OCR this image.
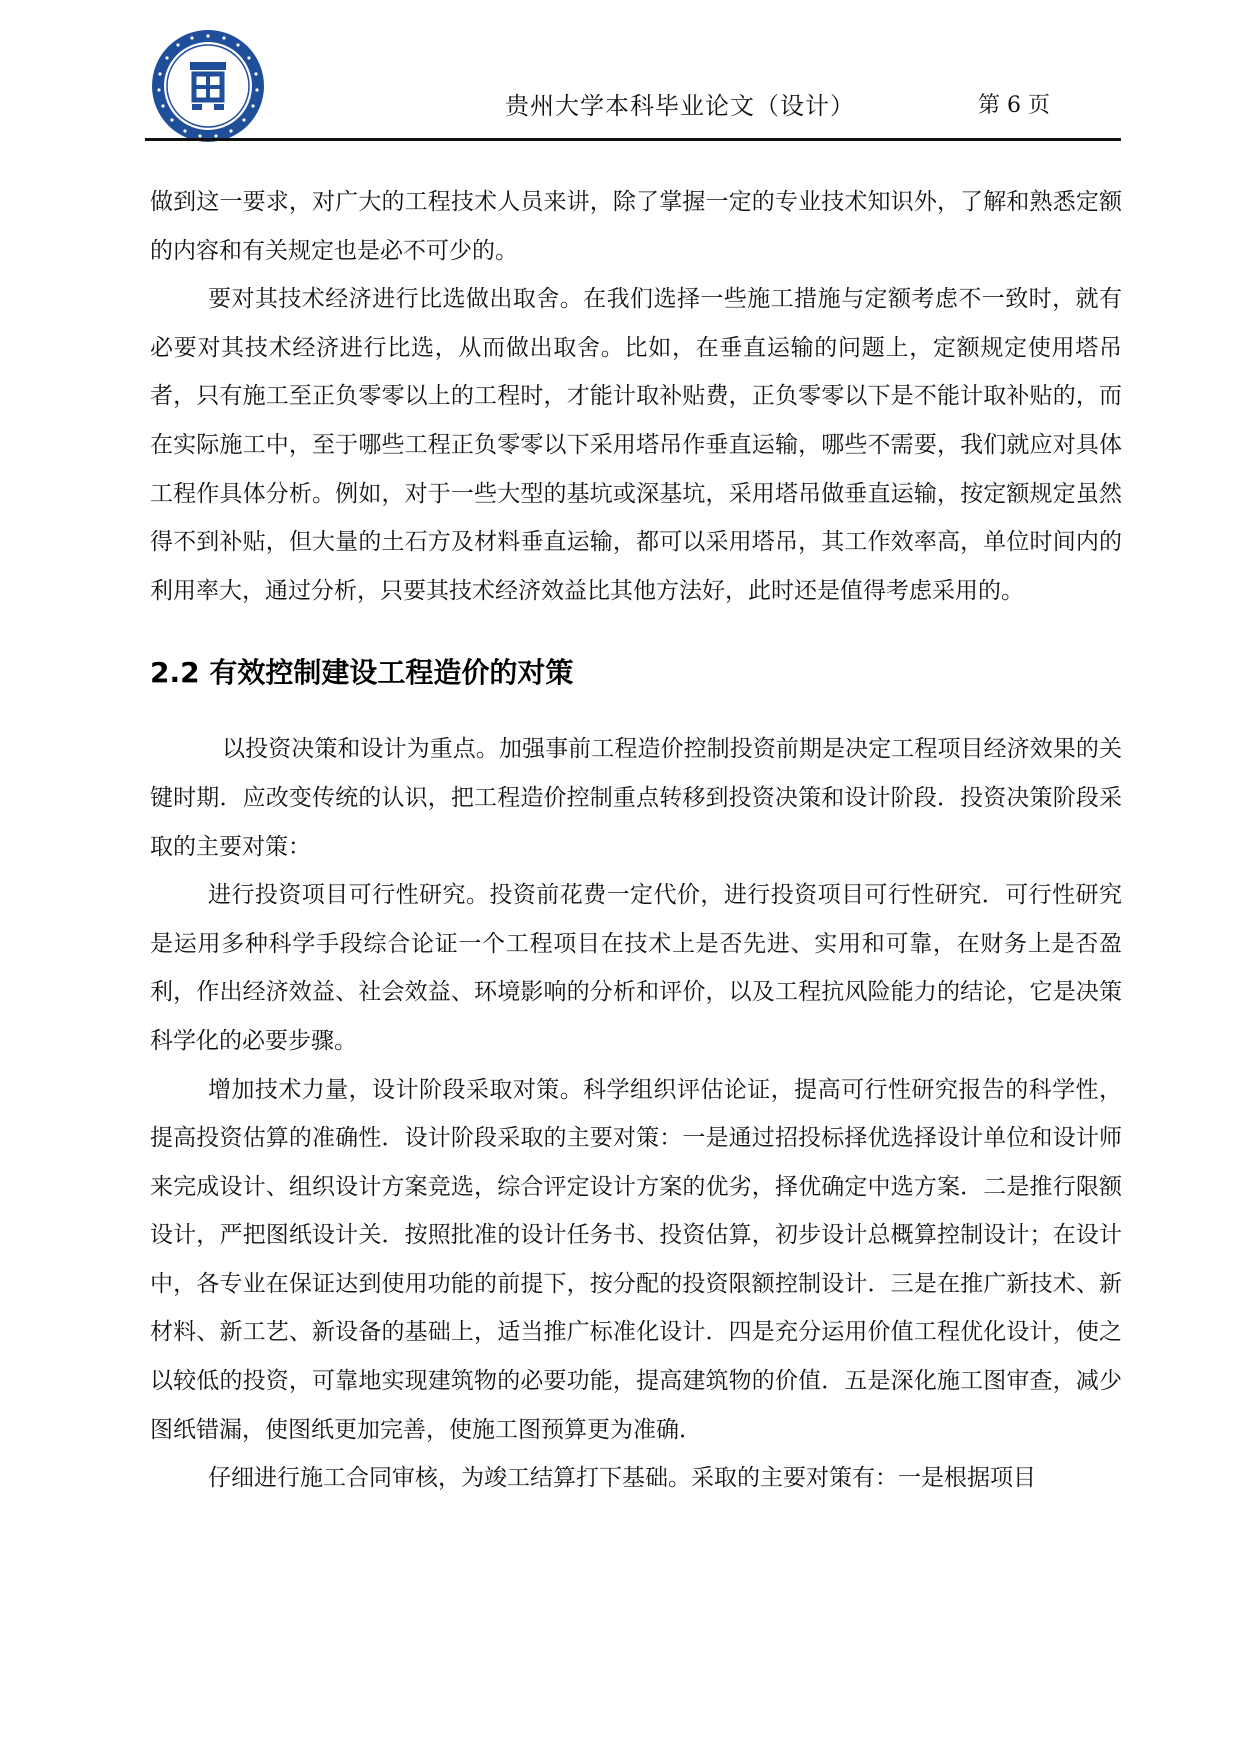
贵州大学本科毕业论文（设计）	第 6 页

做到这一要求，对广大的工程技术人员来讲，除了掌握一定的专业技术知识外，了解和熟悉定额的内容和有关规定也是必不可少的。

要对其技术经济进行比选做出取舍。在我们选择一些施工措施与定额考虑不一致时，就有必要对其技术经济进行比选，从而做出取舍。比如，在垂直运输的问题上，定额规定使用塔吊者，只有施工至正负零零以上的工程时，才能计取补贴费，正负零零以下是不能计取补贴的，而在实际施工中，至于哪些工程正负零零以下采用塔吊作垂直运输，哪些不需要，我们就应对具体工程作具体分析。例如，对于一些大型的基坑或深基坑，采用塔吊做垂直运输，按定额规定虽然得不到补贴，但大量的土石方及材料垂直运输，都可以采用塔吊，其工作效率高，单位时间内的利用率大，通过分析，只要其技术经济效益比其他方法好，此时还是值得考虑采用的。

2.2 有效控制建设工程造价的对策

以投资决策和设计为重点。加强事前工程造价控制投资前期是决定工程项目经济效果的关键时期．应改变传统的认识，把工程造价控制重点转移到投资决策和设计阶段．投资决策阶段采取的主要对策：

进行投资项目可行性研究。投资前花费一定代价，进行投资项目可行性研究．可行性研究是运用多种科学手段综合论证一个工程项目在技术上是否先进、实用和可靠，在财务上是否盈利，作出经济效益、社会效益、环境影响的分析和评价，以及工程抗风险能力的结论，它是决策科学化的必要步骤。

增加技术力量，设计阶段采取对策。科学组织评估论证，提高可行性研究报告的科学性，提高投资估算的准确性．设计阶段采取的主要对策：一是通过招投标择优选择设计单位和设计师来完成设计、组织设计方案竞选，综合评定设计方案的优劣，择优确定中选方案．二是推行限额设计，严把图纸设计关．按照批准的设计任务书、投资估算，初步设计总概算控制设计；在设计中，各专业在保证达到使用功能的前提下，按分配的投资限额控制设计．三是在推广新技术、新材料、新工艺、新设备的基础上，适当推广标准化设计．四是充分运用价值工程优化设计，使之以较低的投资，可靠地实现建筑物的必要功能，提高建筑物的价值．五是深化施工图审查，减少图纸错漏，使图纸更加完善，使施工图预算更为准确．

仔细进行施工合同审核，为竣工结算打下基础。采取的主要对策有：一是根据项目
